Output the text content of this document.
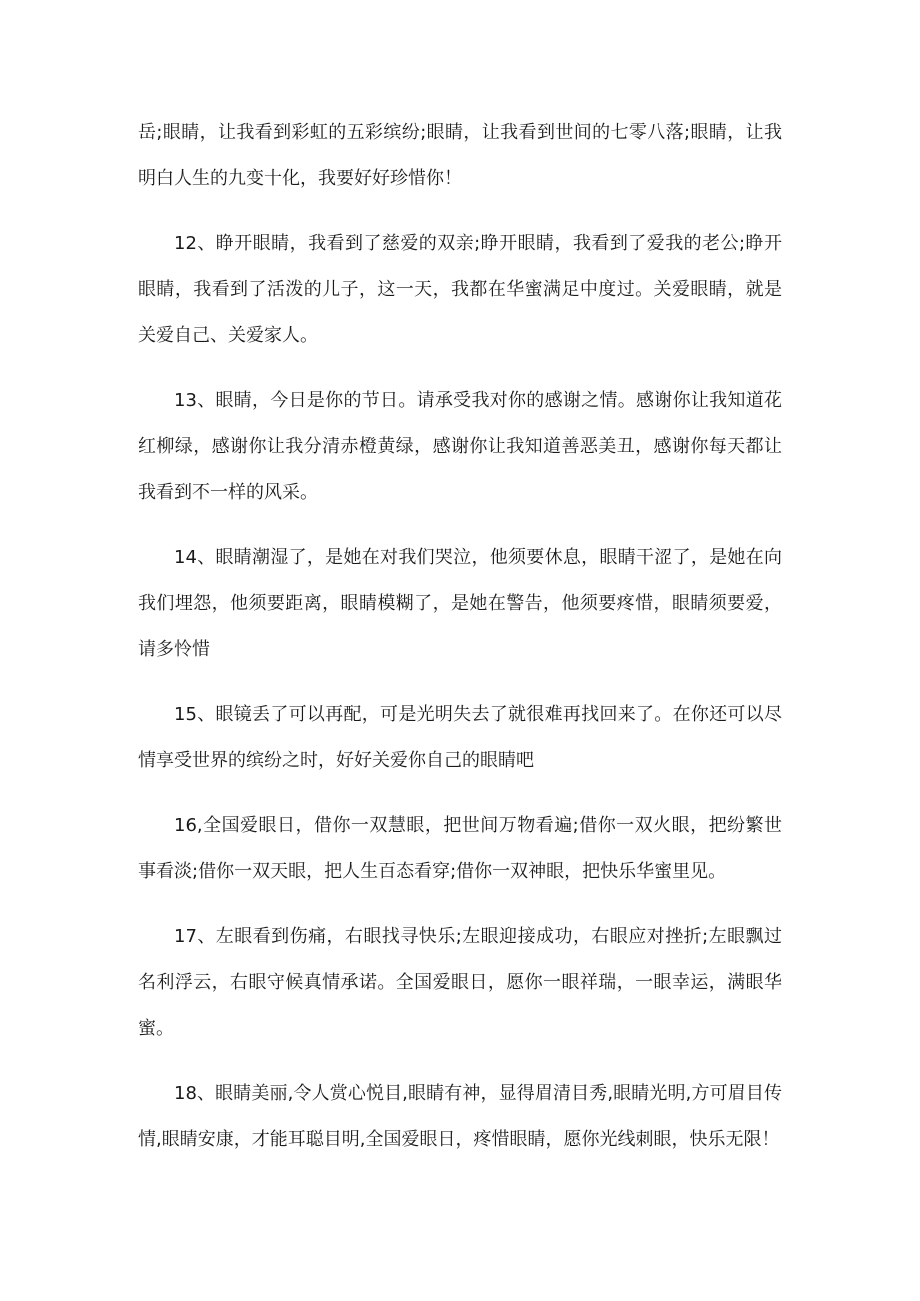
岳;眼睛，让我看到彩虹的五彩缤纷;眼睛，让我看到世间的七零八落;眼睛，让我明白人生的九变十化，我要好好珍惜你！

12、睁开眼睛，我看到了慈爱的双亲;睁开眼睛，我看到了爱我的老公;睁开眼睛，我看到了活泼的儿子，这一天，我都在华蜜满足中度过。关爱眼睛，就是关爱自己、关爱家人。

13、眼睛，今日是你的节日。请承受我对你的感谢之情。感谢你让我知道花红柳绿，感谢你让我分清赤橙黄绿，感谢你让我知道善恶美丑，感谢你每天都让我看到不一样的风采。

14、眼睛潮湿了，是她在对我们哭泣，他须要休息，眼睛干涩了，是她在向我们埋怨，他须要距离，眼睛模糊了，是她在警告，他须要疼惜，眼睛须要爱，请多怜惜

15、眼镜丢了可以再配，可是光明失去了就很难再找回来了。在你还可以尽情享受世界的缤纷之时，好好关爱你自己的眼睛吧

16,全国爱眼日，借你一双慧眼，把世间万物看遍;借你一双火眼，把纷繁世事看淡;借你一双天眼，把人生百态看穿;借你一双神眼，把快乐华蜜里见。

17、左眼看到伤痛，右眼找寻快乐;左眼迎接成功，右眼应对挫折;左眼飘过名利浮云，右眼守候真情承诺。全国爱眼日，愿你一眼祥瑞，一眼幸运，满眼华蜜。

18、眼睛美丽,令人赏心悦目,眼睛有神，显得眉清目秀,眼睛光明,方可眉目传情,眼睛安康，才能耳聪目明,全国爱眼日，疼惜眼睛，愿你光线刺眼，快乐无限！
